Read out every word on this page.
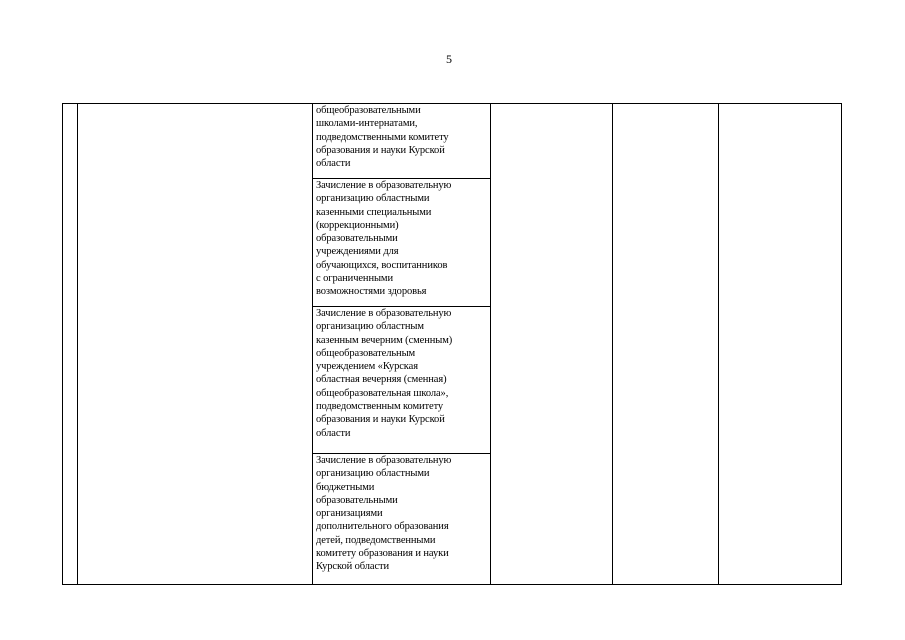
5
общеобразовательными
школами-интернатами,
подведомственными комитету
образования и науки Курской
области
Зачисление в образовательную
организацию областными
казенными специальными
(коррекционными)
образовательными
учреждениями для
обучающихся, воспитанников
с ограниченными
возможностями здоровья
Зачисление в образовательную
организацию областным
казенным вечерним (сменным)
общеобразовательным
учреждением «Курская
областная вечерняя (сменная)
общеобразовательная школа»,
подведомственным комитету
образования и науки Курской
области
Зачисление в образовательную
организацию областными
бюджетными
образовательными
организациями
дополнительного образования
детей, подведомственными
комитету образования и науки
Курской области
